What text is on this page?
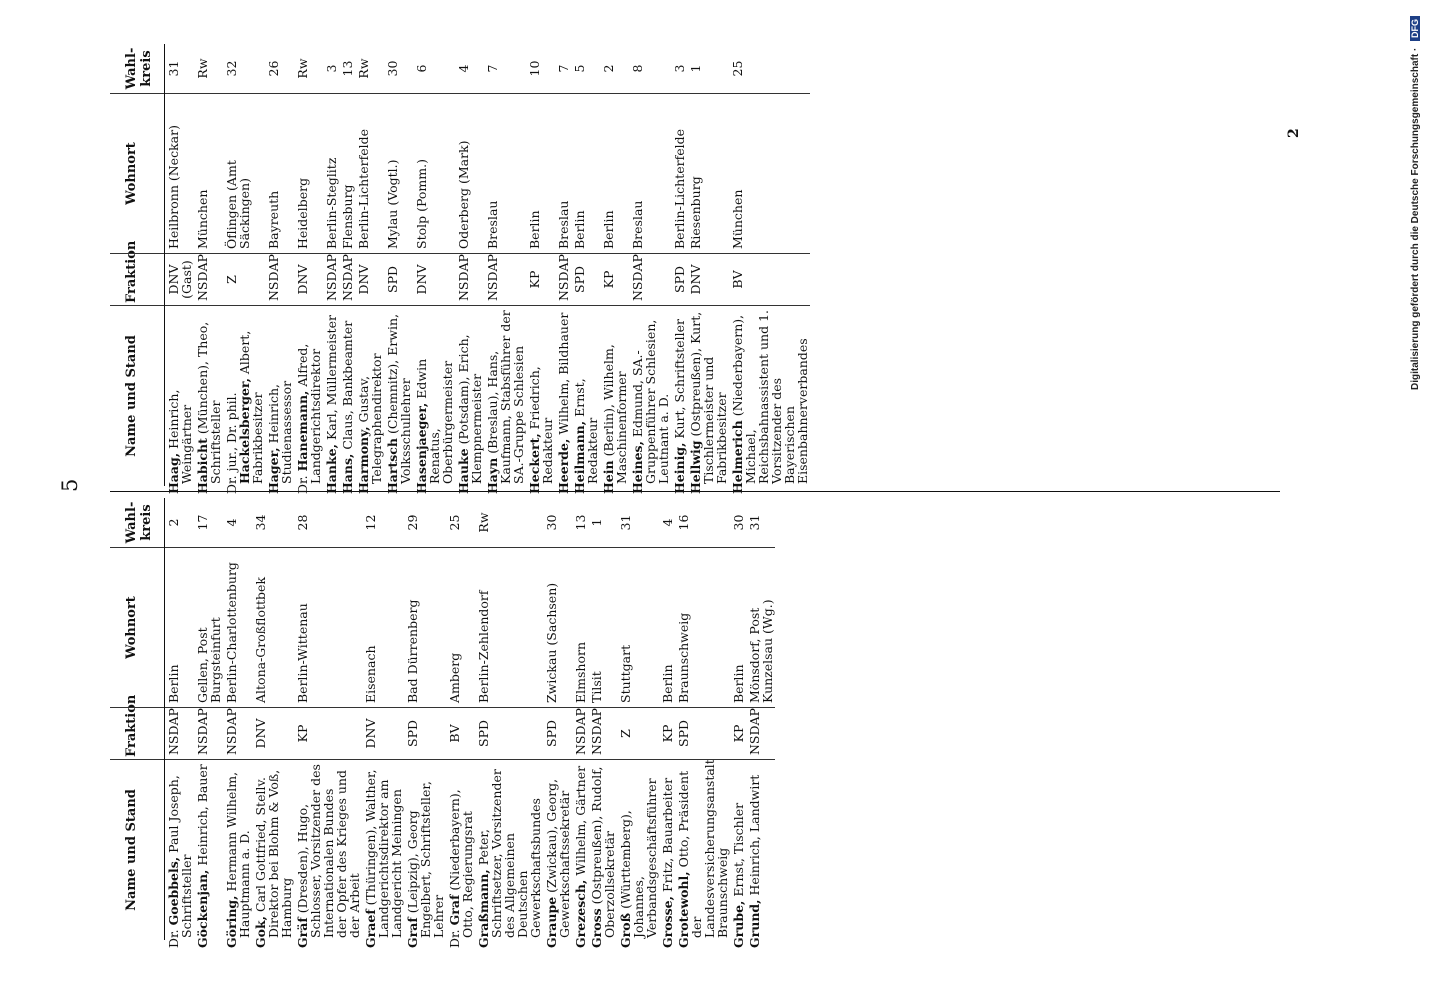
5
2	Digitalisierung gefördert durch die Deutsche Forschungsgemeinschaft · DFG
Name und Stand
Fraktion
Wohnort
Wahl-kreis
Dr. Goebbels, Paul Joseph, Schriftsteller
NSDAP
Berlin
2
Göckenjan, Heinrich, Bauer
NSDAP
Gellen, Post Burgsteinfurt
17
Göring, Hermann Wilhelm, Hauptmann a. D.
NSDAP
Berlin-Charlottenburg
4
Gok, Carl Gottfried, Stellv. Direktor bei Blohm & Voß, Hamburg
DNV
Altona-Großflottbek
34
Gräf (Dresden), Hugo, Schlosser, Vorsitzender des Internationalen Bundes der Opfer des Krieges und der Arbeit
KP
Berlin-Wittenau
28
Graef (Thüringen), Walther, Landgerichtsdirektor am Landgericht Meiningen
DNV
Eisenach
12
Graf (Leipzig), Georg Engelbert, Schriftsteller, Lehrer
SPD
Bad Dürrenberg
29
Dr. Graf (Niederbayern), Otto, Regierungsrat
BV
Amberg
25
Graßmann, Peter, Schriftsetzer, Vorsitzender des Allgemeinen Deutschen Gewerkschaftsbundes
SPD
Berlin-Zehlendorf
Rw
Graupe (Zwickau), Georg, Gewerkschaftssekretär
SPD
Zwickau (Sachsen)
30
Grezesch, Wilhelm, Gärtner
NSDAP
Elmshorn
13
Gross (Ostpreußen), Rudolf, Oberzollsekretär
NSDAP
Tilsit
1
Groß (Württemberg), Johannes, Verbandsgeschäftsführer
Z
Stuttgart
31
Grosse, Fritz, Bauarbeiter
KP
Berlin
4
Grotewohl, Otto, Präsident der Landesversicherungsanstalt Braunschweig
SPD
Braunschweig
16
Grube, Ernst, Tischler
KP
Berlin
30
Grund, Heinrich, Landwirt
NSDAP
Mönsdorf, Post Kunzelsau (Wg.)
31
Name und Stand
Fraktion
Wohnort
Wahl-kreis
Haag, Heinrich, Weingärtner
DNV (Gast)
Heilbronn (Neckar)
31
Habicht (München), Theo, Schriftsteller
NSDAP
München
Rw
Dr. jur., Dr. phil. Hackelsberger, Albert, Fabrikbesitzer
Z
Öflingen (Amt Säckingen)
32
Hager, Heinrich, Studienassessor
NSDAP
Bayreuth
26
Dr. Hanemann, Alfred, Landgerichtsdirektor
DNV
Heidelberg
Rw
Hanke, Karl, Müllermeister
NSDAP
Berlin-Steglitz
3
Hans, Claus, Bankbeamter
NSDAP
Flensburg
13
Harmony, Gustav, Telegraphendirektor
DNV
Berlin-Lichterfelde
Rw
Hartsch (Chemnitz), Erwin, Volksschullehrer
SPD
Mylau (Vogtl.)
30
Hasenjaeger, Edwin Renatus, Oberbürgermeister
DNV
Stolp (Pomm.)
6
Hauke (Potsdam), Erich, Klempnermeister
NSDAP
Oderberg (Mark)
4
Hayn (Breslau), Hans, Kaufmann, Stabsführer der SA.-Gruppe Schlesien
NSDAP
Breslau
7
Heckert, Friedrich, Redakteur
KP
Berlin
10
Heerde, Wilhelm, Bildhauer
NSDAP
Breslau
7
Heilmann, Ernst, Redakteur
SPD
Berlin
5
Hein (Berlin), Wilhelm, Maschinenformer
KP
Berlin
2
Heines, Edmund, SA.-Gruppenführer Schlesien, Leutnant a. D.
NSDAP
Breslau
8
Heinig, Kurt, Schriftsteller
SPD
Berlin-Lichterfelde
3
Hellwig (Ostpreußen), Kurt, Tischlermeister und Fabrikbesitzer
DNV
Riesenburg
1
Helmerich (Niederbayern), Michael, Reichsbahnassistent und 1. Vorsitzender des Bayerischen Eisenbahnerverbandes
BV
München
25
